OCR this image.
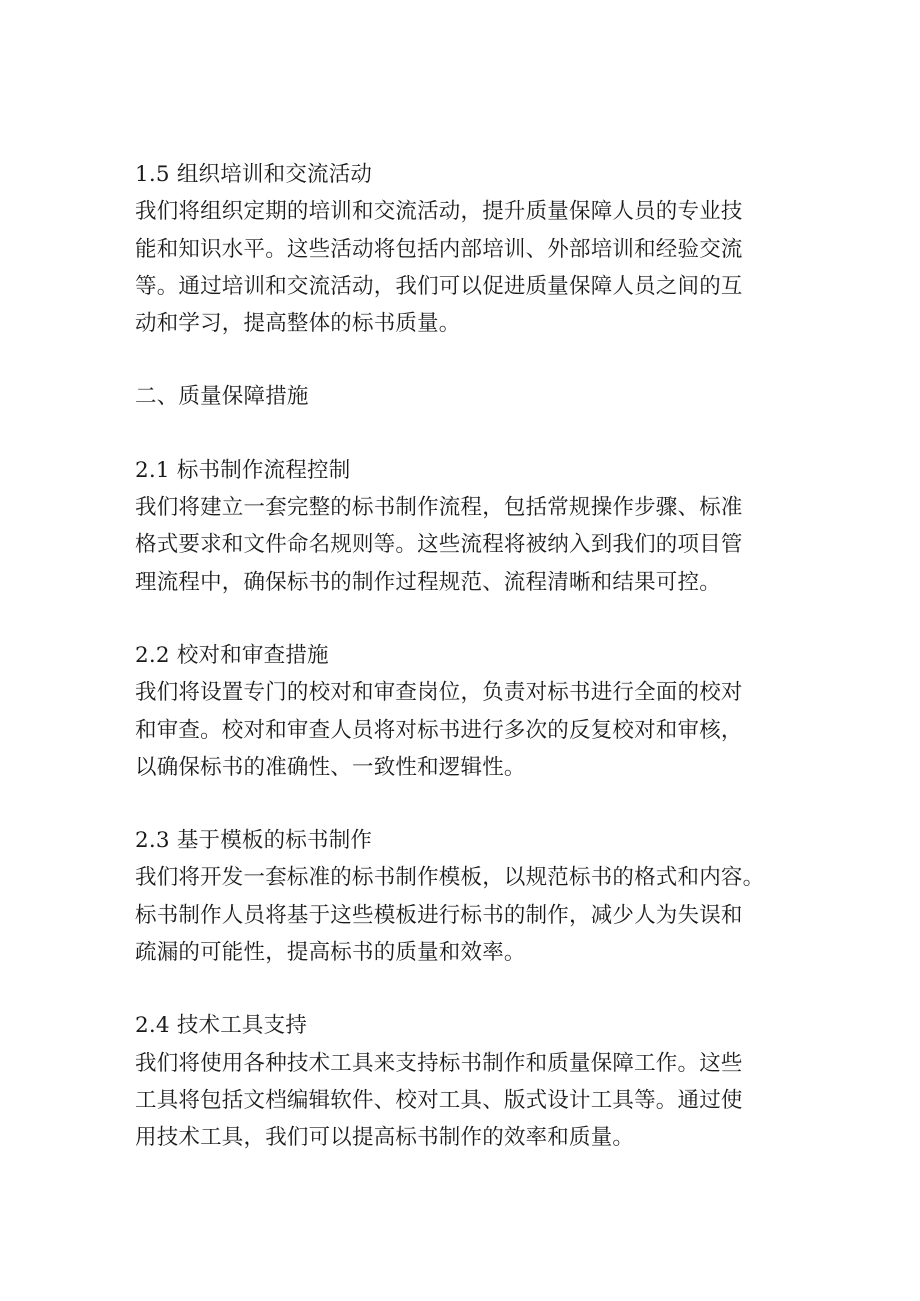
1.5 组织培训和交流活动
我们将组织定期的培训和交流活动，提升质量保障人员的专业技
能和知识水平。这些活动将包括内部培训、外部培训和经验交流
等。通过培训和交流活动，我们可以促进质量保障人员之间的互
动和学习，提高整体的标书质量。
二、质量保障措施
2.1 标书制作流程控制
我们将建立一套完整的标书制作流程，包括常规操作步骤、标准
格式要求和文件命名规则等。这些流程将被纳入到我们的项目管
理流程中，确保标书的制作过程规范、流程清晰和结果可控。
2.2 校对和审查措施
我们将设置专门的校对和审查岗位，负责对标书进行全面的校对
和审查。校对和审查人员将对标书进行多次的反复校对和审核，
以确保标书的准确性、一致性和逻辑性。
2.3 基于模板的标书制作
我们将开发一套标准的标书制作模板，以规范标书的格式和内容。
标书制作人员将基于这些模板进行标书的制作，减少人为失误和
疏漏的可能性，提高标书的质量和效率。
2.4 技术工具支持
我们将使用各种技术工具来支持标书制作和质量保障工作。这些
工具将包括文档编辑软件、校对工具、版式设计工具等。通过使
用技术工具，我们可以提高标书制作的效率和质量。
